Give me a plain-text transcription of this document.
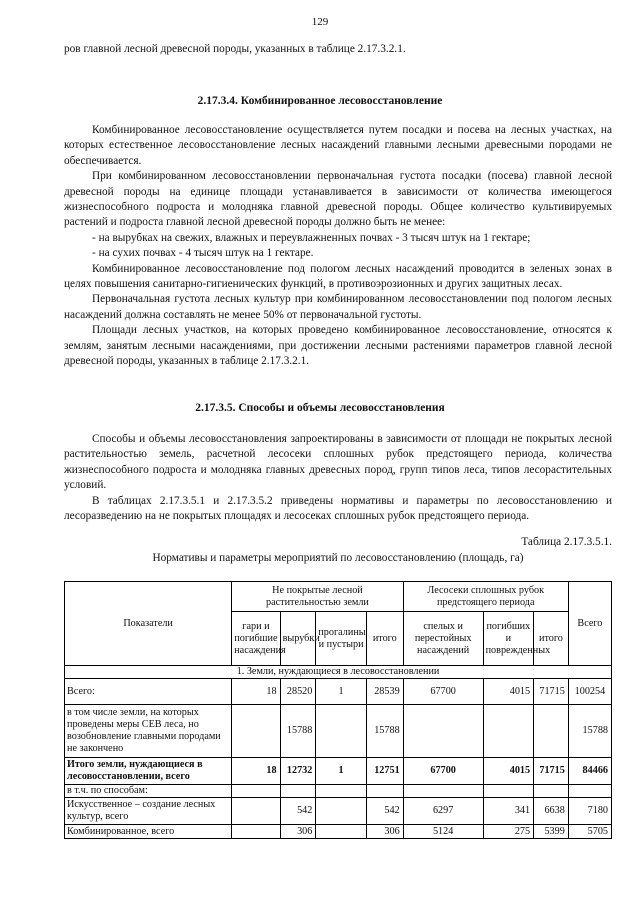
129

ров главной лесной древесной породы, указанных в таблице 2.17.3.2.1.

2.17.3.4. Комбинированное лесовосстановление

Комбинированное лесовосстановление осуществляется путем посадки и посева на лесных участках, на которых естественное лесовосстановление лесных насаждений главными лесными древесными породами не обеспечивается.

При комбинированном лесовосстановлении первоначальная густота посадки (посева) главной лесной древесной породы на единице площади устанавливается в зависимости от количества имеющегося жизнеспособного подроста и молодняка главной древесной породы. Общее количество культивируемых растений и подроста главной лесной древесной породы должно быть не менее:

- на вырубках на свежих, влажных и переувлажненных почвах - 3 тысяч штук на 1 гектаре;

- на сухих почвах - 4 тысяч штук на 1 гектаре.

Комбинированное лесовосстановление под пологом лесных насаждений проводится в зеленых зонах в целях повышения санитарно-гигиенических функций, в противоэрозионных и других защитных лесах.

Первоначальная густота лесных культур при комбинированном лесовосстановлении под пологом лесных насаждений должна составлять не менее 50% от первоначальной густоты.

Площади лесных участков, на которых проведено комбинированное лесовосстановление, относятся к землям, занятым лесными насаждениями, при достижении лесными растениями параметров главной лесной древесной породы, указанных в таблице 2.17.3.2.1.

2.17.3.5. Способы и объемы лесовосстановления

Способы и объемы лесовосстановления запроектированы в зависимости от площади не покрытых лесной растительностью земель, расчетной лесосеки сплошных рубок предстоящего периода, количества жизнеспособного подроста и молодняка главных древесных пород, групп типов леса, типов лесорастительных условий.

В таблицах 2.17.3.5.1 и 2.17.3.5.2 приведены нормативы и параметры по лесовосстановлению и лесоразведению на не покрытых площадях и лесосеках сплошных рубок предстоящего периода.

Таблица 2.17.3.5.1.
Нормативы и параметры мероприятий по лесовосстановлению (площадь, га)
Показатели	Не покрытые лесной растительностью земли				Лесосеки сплошных рубок предстоящего периода			Всего
	гари и погибшие насаждения	вырубки	прогалины и пустыри	итого	спелых и перестойных насаждений	погибших и поврежденных	итого	
1. Земли, нуждающиеся в лесовосстановлении								
Всего:	18	28520	1	28539	67700	4015	71715	100254
в том числе земли, на которых проведены меры СЕВ леса, но возобновление главными породами не закончено		15788		15788				15788
Итого земли, нуждающиеся в лесовосстановлении, всего	18	12732	1	12751	67700	4015	71715	84466
в т.ч. по способам:								
Искусственное – создание лесных культур, всего		542		542	6297	341	6638	7180
Комбинированное, всего		306		306	5124	275	5399	5705
